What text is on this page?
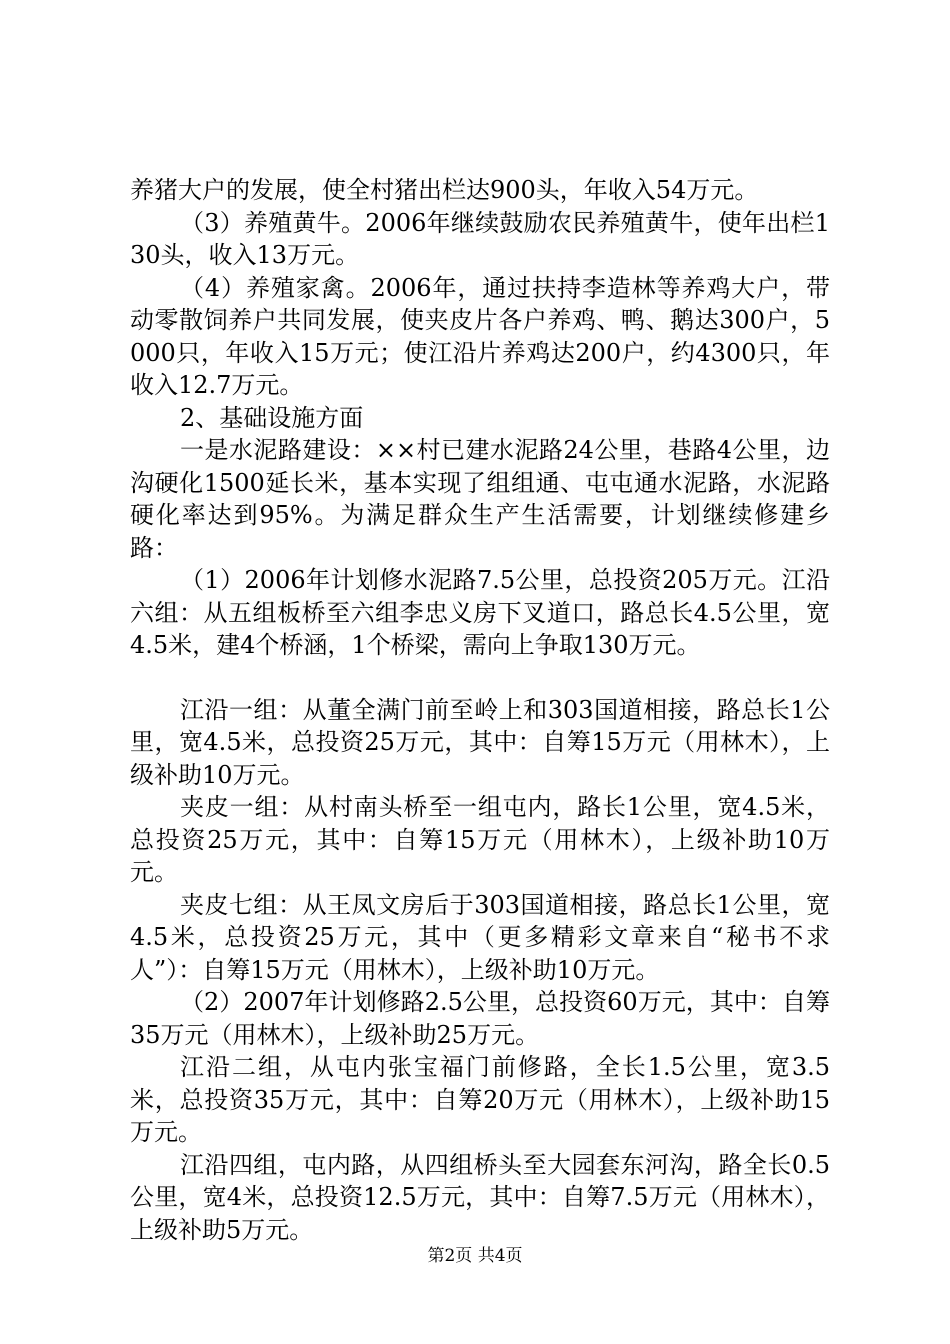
养猪大户的发展，使全村猪出栏达900头，年收入54万元。

（3）养殖黄牛。2006年继续鼓励农民养殖黄牛，使年出栏130头，收入13万元。

（4）养殖家禽。2006年，通过扶持李造林等养鸡大户，带动零散饲养户共同发展，使夹皮片各户养鸡、鸭、鹅达300户，5000只，年收入15万元；使江沿片养鸡达200户，约4300只，年收入12.7万元。

2、基础设施方面

一是水泥路建设：××村已建水泥路24公里，巷路4公里，边沟硬化1500延长米，基本实现了组组通、屯屯通水泥路，水泥路硬化率达到95%。为满足群众生产生活需要，计划继续修建乡路：

（1）2006年计划修水泥路7.5公里，总投资205万元。江沿六组：从五组板桥至六组李忠义房下叉道口，路总长4.5公里，宽4.5米，建4个桥涵，1个桥梁，需向上争取130万元。

江沿一组：从董全满门前至岭上和303国道相接，路总长1公里，宽4.5米，总投资25万元，其中：自筹15万元（用林木），上级补助10万元。

夹皮一组：从村南头桥至一组屯内，路长1公里，宽4.5米，总投资25万元，其中：自筹15万元（用林木），上级补助10万元。

夹皮七组：从王凤文房后于303国道相接，路总长1公里，宽4.5米，总投资25万元，其中（更多精彩文章来自“秘书不求人”）：自筹15万元（用林木），上级补助10万元。

（2）2007年计划修路2.5公里，总投资60万元，其中：自筹35万元（用林木），上级补助25万元。

江沿二组，从屯内张宝福门前修路，全长1.5公里，宽3.5米，总投资35万元，其中：自筹20万元（用林木），上级补助15万元。

江沿四组，屯内路，从四组桥头至大园套东河沟，路全长0.5公里，宽4米，总投资12.5万元，其中：自筹7.5万元（用林木），上级补助5万元。

第2页 共4页
